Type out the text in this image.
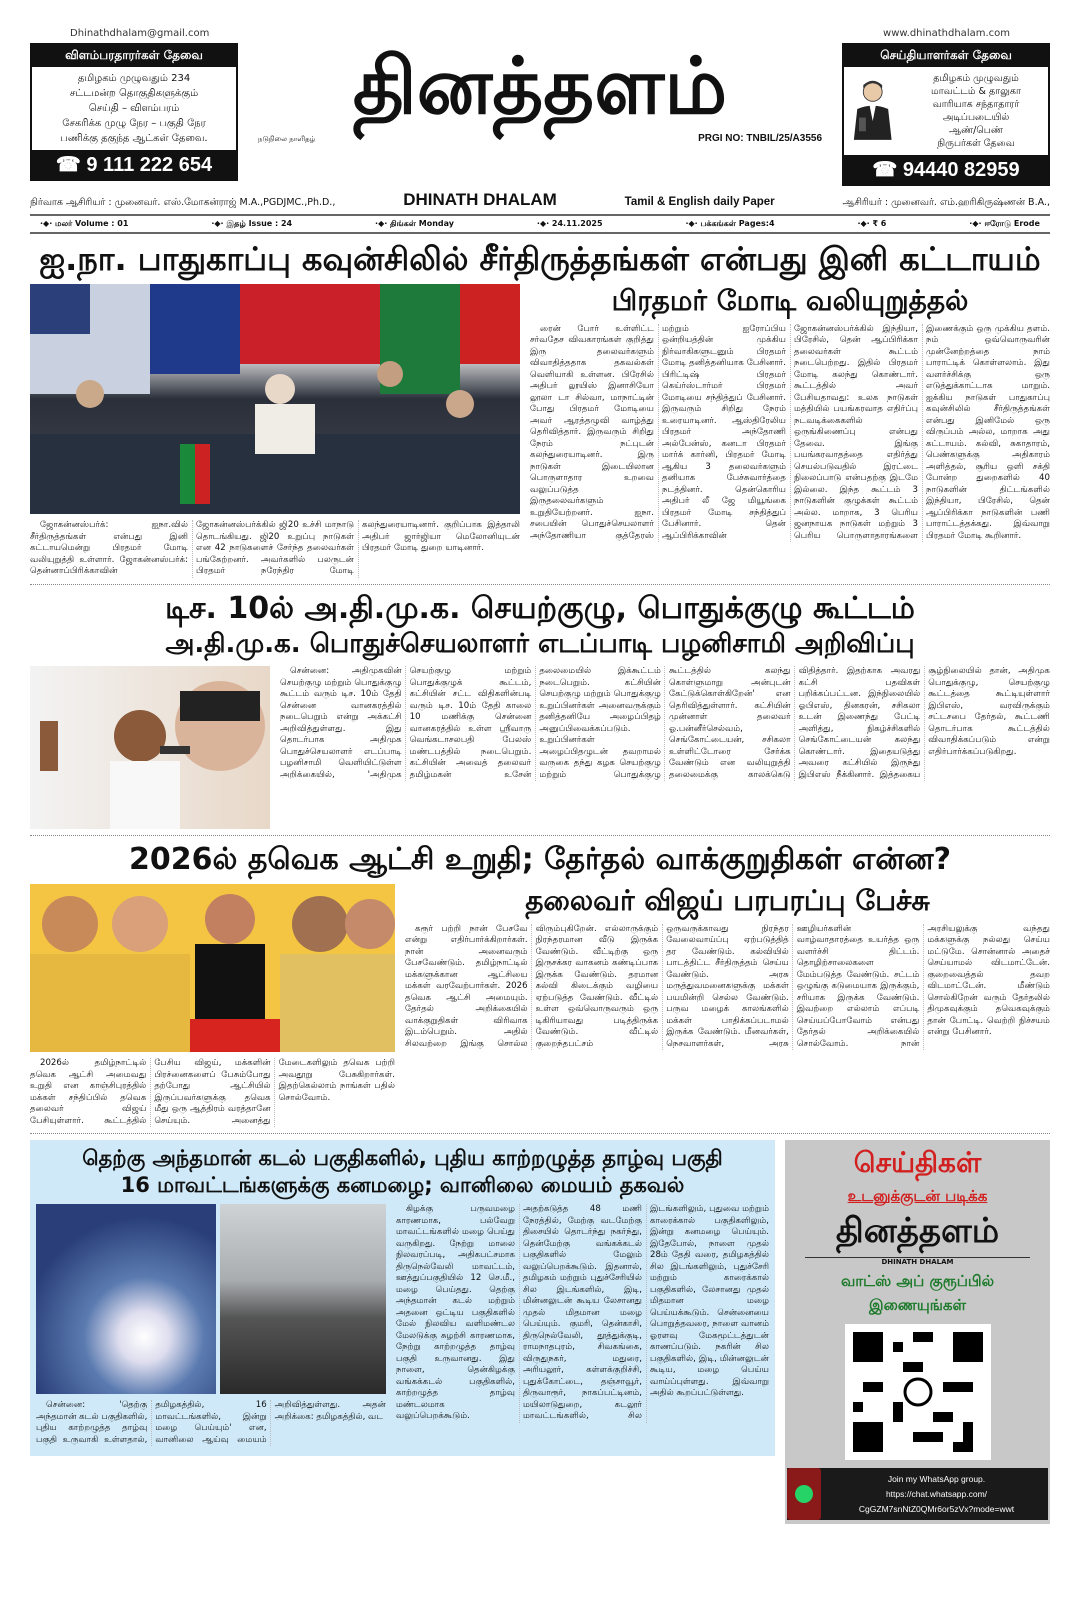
Dhinathdhalam@gmail.com	www.dhinathdhalam.com
விளம்பரதாரர்கள் தேவை
தமிழகம் முழுவதும் 234
சட்டமன்ற தொகுதிகளுக்கும்
செய்தி – விளம்பரம்
சேகரிக்க முழு நேர – பகுதி நேர
பணிக்கு தகுந்த ஆட்கள் தேவை.
☎ 9 111 222 654
தினத்தளம்
நடுநிலை நாளிதழ்	PRGI NO: TNBIL/25/A3556
செய்தியாளர்கள் தேவை
தமிழகம் முழுவதும்
மாவட்டம் & தாலுகா
வாரியாக சந்தாதாரர்
அடிப்படையில்
ஆண்/பெண்
நிருபர்கள் தேவை
☎ 94440 82959
நிர்வாக ஆசிரியர் : முனைவர். எஸ்.மோகன்ராஜ் M.A.,PGDJMC.,Ph.D.,	DHINATH DHALAM	Tamil & English daily Paper	ஆசிரியர் : முனைவர். எம்.ஹரிகிருஷ்ணன் B.A.,
·◆· மலர் Volume : 01	·◆· இதழ் Issue : 24	·◆· திங்கள் Monday	·◆· 24.11.2025	·◆· பக்கங்கள் Pages:4	·◆· ₹ 6	·◆· ஈரோடு Erode
ஐ.நா. பாதுகாப்பு கவுன்சிலில் சீர்திருத்தங்கள் என்பது இனி கட்டாயம்

ஜோகன்னஸ்பர்க்: ஐநா.வில் சீர்திருத்தங்கள் என்பது இனி கட்டாயமென்று பிரதமர் மோடி வலியுறுத்தி உள்ளார். ஜோகன்னஸ்பர்க்: தென்னாப்பிரிக்காவின் ஜோகன்னஸ்பர்க்கில் ஜி20 உச்சி மாநாடு தொடங்கியது. ஜி20 உறுப்பு நாடுகள் என 42 நாடுகளைச் சேர்ந்த தலைவர்கள் பங்கேற்றனர். அவர்களில் பலருடன் பிரதமர் நரேந்திர மோடி கலந்துரையாடினார். குறிப்பாக இத்தாலி அதிபர் ஜார்ஜியா மெலோனியுடன் பிரதமர் மோடி துறை யாடினார்.

பிரதமர் மோடி வலியுறுத்தல்

ரைன் போர் உள்ளிட்ட சர்வதேச விவகாரங்கள் குறித்து இரு தலைவர்களும் விவாதித்ததாக தகவல்கள் வெளியாகி உள்ளன. பிரேசில் அதிபர் லூயிஸ் இனாசியோ லூலா டா சில்வா, மாநாட்டின் போது பிரதமர் மோடியை அவர் ஆரத்தழுவி வாழ்த்து தெரிவித்தார். இருவரும் சிறிது நேரம் நட்புடன் கலந்துரையாடினர். இரு நாடுகள் இடையிலான பொருளாதார உறவை வலுப்படுத்த இருதலைவர்களும் உறுதியேற்றனர். ஐநா. சபையின் பொதுச்செயலாளர் அந்தோணியா குத்தேரஸ் மற்றும் ஐரோப்பிய ஒன்றியத்தின் முக்கிய நிர்வாகிகளுடனும் பிரதமர் மோடி தனித்தனியாக பேசினார். பிரிட்டிஷ் பிரதமர் கெய்ர்ஸ்டார்மர் பிரதமர் மோடியை சந்தித்துப் பேசினார். இருவரும் சிறிது நேரம் உரையாடினர். ஆஸ்திரேலிய பிரதமர் அந்தோணி அல்பேன்ஸ், கனடா பிரதமர் மார்க் கார்னி, பிரதமர் மோடி ஆகிய 3 தலைவர்களும் தனியாக பேச்சுவார்த்தை நடத்தினர். தென்கொரிய அதிபர் லீ ஜே மியூங்கை பிரதமர் மோடி சந்தித்துப் பேசினார். தென் ஆப்பிரிக்காவின் ஜோகன்னஸ்பர்க்கில் இந்தியா, பிரேசில், தென் ஆப்பிரிக்கா தலைவர்கள் கூட்டம் நடைபெற்றது. இதில் பிரதமர் மோடி கலந்து கொண்டார். கூட்டத்தில் அவர் பேசியதாவது: உலக நாடுகள் மத்தியில் பயங்கரவாத எதிர்ப்பு நடவடிக்கைகளில் ஒருங்கிணைப்பு என்பது தேவை. இங்கு பயங்கரவாதத்தை எதிர்த்து செயல்படுவதில் இரட்டை நிலைப்பாடு என்பதற்கு இடமே இல்லை. இந்த கூட்டம் 3 நாடுகளின் குழுக்கள் கூட்டம் அல்ல. மாறாக, 3 பெரிய ஜனநாயக நாடுகள் மற்றும் 3 பெரிய பொருளாதாரங்களை இணைக்கும் ஒரு முக்கிய தளம். நம் ஒவ்வொருவரின் முன்னேற்றத்தை நாம் பாராட்டிக் கொள்ளலாம். இது வளர்ச்சிக்கு ஒரு எடுத்துக்காட்டாக மாறும். ஐக்கிய நாடுகள் பாதுகாப்பு கவுன்சிலில் சீர்திருத்தங்கள் என்பது இனிமேல் ஒரு விருப்பம் அல்ல, மாறாக அது கட்டாயம். கல்வி, சுகாதாரம், பெண்களுக்கு அதிகாரம் அளித்தல், சூரிய ஒளி சக்தி போன்ற துறைகளில் 40 நாடுகளின் திட்டங்களில் இந்தியா, பிரேசில், தென் ஆப்பிரிக்கா நாடுகளின் பணி பாராட்டத்தக்கது. இவ்வாறு பிரதமர் மோடி கூறினார்.

டிச. 10ல் அ.தி.மு.க. செயற்குழு, பொதுக்குழு கூட்டம்
அ.தி.மு.க. பொதுச்செயலாளர் எடப்பாடி பழனிசாமி அறிவிப்பு

சென்னை: அதிமுகவின் செயற்குழு மற்றும் பொதுக்குழு கூட்டம் வரும் டிச. 10ம் தேதி சென்னை வானகரத்தில் நடைபெறும் என்று அக்கட்சி அறிவித்துள்ளது. இது தொடர்பாக அதிமுக பொதுச்செயலாளர் எடப்பாடி பழனிசாமி வெளியிட்டுள்ள அறிக்கையில், 'அதிமுக செயற்குழு மற்றும் பொதுக்குழுக் கூட்டம், கட்சியின் சட்ட விதிகளின்படி வரும் டிச. 10ம் தேதி காலை 10 மணிக்கு சென்னை வானகரத்தில் உள்ள ஸ்ரீவாரு வெங்கடாசலபதி பேலஸ் மண்டபத்தில் நடைபெறும். கட்சியின் அவைத் தலைவர் தமிழ்மகன் உசேன் தலைமையில் இக்கூட்டம் நடைபெறும். கட்சியின் செயற்குழு மற்றும் பொதுக்குழு உறுப்பினர்கள் அனைவருக்கும் தனித்தனியே அழைப்பிதழ் அனுப்பிவைக்கப்படும். உறுப்பினர்கள் அழைப்பிதழுடன் தவறாமல் வருகை தந்து கழக செயற்குழு மற்றும் பொதுக்குழு கூட்டத்தில் கலந்து கொள்ளுமாறு அன்புடன் கேட்டுக்கொள்கிறேன்' என தெரிவித்துள்ளார். கட்சியின் முன்னாள் தலைவர் ஓ.பன்னீர்செல்வம், செங்கோட்டையன், சசிகலா உள்ளிட்டோரை சேர்க்க வேண்டும் என வலியுறுத்தி தலைமைக்கு காலக்கெடு விதித்தார். இதற்காக அவரது கட்சி பதவிகள் பறிக்கப்பட்டன. இந்நிலையில் ஓபிஎஸ், தினகரன், சசிகலா உடன் இணைந்து பேட்டி அளித்து, நிகழ்ச்சிகளில் செங்கோட்டையன் கலந்து கொண்டார். இதையடுத்து அவரை கட்சியில் இருந்து இபிஎஸ் நீக்கினார். இத்தகைய சூழ்நிலையில் தான், அதிமுக பொதுக்குழு, செயற்குழு கூட்டத்தை கூட்டியுள்ளார் இபிஎஸ், வரவிருக்கும் சட்டசபை தேர்தல், கூட்டணி தொடர்பாக கூட்டத்தில் விவாதிக்கப்படும் என்று எதிர்பார்க்கப்படுகிறது.

2026ல் தவெக ஆட்சி உறுதி; தேர்தல் வாக்குறுதிகள் என்ன?

2026ல் தமிழ்நாட்டில் தவெக ஆட்சி அமைவது உறுதி என காஞ்சிபுரத்தில் மக்கள் சந்திப்பில் தவெக தலைவர் விஜய் பேசியுள்ளார். கூட்டத்தில் பேசிய விஜய், மக்களின் பிரச்னைகளைப் பேசும்போது தற்போது ஆட்சியில் இருப்பவர்களுக்கு தவெக மீது ஒரு ஆத்திரம் வரத்தானே செய்யும். அனைத்து மேடைகளிலும் தவெக பற்றி அவதூறு பேசுகிறார்கள். இதற்கெல்லாம் நாங்கள் பதில் சொல்வோம்.

தலைவர் விஜய் பரபரப்பு பேச்சு

கரூர் பற்றி நான் பேசவே என்று எதிர்பார்க்கிறார்கள். நான் அனைவரும் பேசவேண்டும். தமிழ்நாட்டில் மக்களுக்கான ஆட்சியை மக்கள் வரவேற்பார்கள். 2026 தவெக ஆட்சி அமையும். தேர்தல் அறிக்கையில் வாக்குறுதிகள் விரிவாக இடம்பெறும். அதில் சிலவற்றை இங்கு சொல்ல விரும்புகிறேன். எல்லாருக்கும் நிரந்தரமான வீடு இருக்க வேண்டும். வீட்டிற்கு ஒரு இருசக்கர வாகனம் கண்டிப்பாக இருக்க வேண்டும். தரமான கல்வி கிடைக்கும் வழியை ஏற்படுத்த வேண்டும். வீட்டில் உள்ள ஒவ்வொருவரும் ஒரு டிகிரியாவது படித்திருக்க வேண்டும். வீட்டில் குறைந்தபட்சம் ஒருவருக்காவது நிரந்தர வேலைவாய்ப்பு ஏற்படுத்தித் தர வேண்டும். கல்வியில் பாடத்திட்ட சீர்திருத்தம் செய்ய வேண்டும். அரசு மருத்துவமனைகளுக்கு மக்கள் பயமின்றி செல்ல வேண்டும். பருவ மழைக் காலங்களில் மக்கள் பாதிக்கப்படாமல் இருக்க வேண்டும். மீனவர்கள், நெசவாளர்கள், அரசு ஊழியர்களின் வாழ்வாதாரத்தை உயர்த்த ஒரு வளர்ச்சி திட்டம். தொழிற்சாலைகளை மேம்படுத்த வேண்டும். சட்டம் ஒழுங்கு கடுமையாக இருக்கும், சரியாக இருக்க வேண்டும். இவற்றை எல்லாம் எப்படி செய்யப்போவோம் என்பது தேர்தல் அறிக்கையில் சொல்வோம். நான் அரசியலுக்கு வந்தது மக்களுக்கு நல்லது செய்ய மட்டுமே. சொன்னால் அதைச் செய்யாமல் விடமாட்டேன். குறைவைத்தல் தவற விடமாட்டேன். மீண்டும் சொல்கிறேன் வரும் தேர்தலில் திமுகவுக்கும் தவெகவுக்கும் தான் போட்டி. வெற்றி நிச்சயம் என்று பேசினார்.

தெற்கு அந்தமான் கடல் பகுதிகளில், புதிய காற்றழுத்த தாழ்வு பகுதி
16 மாவட்டங்களுக்கு கனமழை; வானிலை மையம் தகவல்

சென்னை: 'தெற்கு அந்தமான் கடல் பகுதிகளில், புதிய காற்றழுத்த தாழ்வு பகுதி உருவாகி உள்ளதால், தமிழகத்தில், 16 மாவட்டங்களில், இன்று மழை பெய்யும்' என, வானிலை ஆய்வு மையம் அறிவித்துள்ளது. அதன் அறிக்கை: தமிழகத்தில், வட

கிழக்கு பருவமழை காரணமாக, பல்வேறு மாவட்டங்களில் மழை பெய்து வருகிறது. நேற்று மாலை நிலவரப்படி, அதிகபட்சமாக திருநெல்வேலி மாவட்டம், ஊத்துப்பகுதியில் 12 செ.மீ., மழை பெய்தது. தெற்கு அந்தமான் கடல் மற்றும் அதனை ஒட்டிய பகுதிகளில் மேல் நிலவிய வளிமண்டல மேலடுக்கு சுழற்சி காரணமாக, நேற்று காற்றழுத்த தாழ்வு பகுதி உருவானது. இது நாளை, தென்கிழக்கு வங்கக்கடல் பகுதிகளில், காற்றழுத்த தாழ்வு மண்டலமாக வலுப்பெறக்கூடும். அதற்கடுத்த 48 மணி நேரத்தில், மேற்கு வடமேற்கு திசையில் தொடர்ந்து நகர்ந்து, தென்மேற்கு வங்கக்கடல் பகுதிகளில் மேலும் வலுப்பெறக்கூடும். இதனால், தமிழகம் மற்றும் புதுச்சேரியில் சில இடங்களில், இடி, மின்னலுடன் கூடிய லேசானது முதல் மிதமான மழை பெய்யும். குமரி, தென்காசி, திருநெல்வேலி, தூத்துக்குடி, ராமநாதபுரம், சிவகங்கை, விருதுநகர், மதுரை, அரியலூர், கள்ளக்குறிச்சி, புதுக்கோட்டை, தஞ்சாவூர், திருவாரூர், நாகப்பட்டினம், மயிலாடுதுறை, கடலூர் மாவட்டங்களில், சில இடங்களிலும், புதுவை மற்றும் காரைக்கால் பகுதிகளிலும், இன்று கனமழை பெய்யும். இதேபோல், நாளை முதல் 28ம் தேதி வரை, தமிழகத்தில் சில இடங்களிலும், புதுச்சேரி மற்றும் காரைக்கால் பகுதிகளில், லேசானது முதல் மிதமான மழை பெய்யக்கூடும். சென்னையை பொறுத்தவரை, நாளை வானம் ஓரளவு மேகமூட்டத்துடன் காணப்படும். நகரின் சில பகுதிகளில், இடி, மின்னலுடன் கூடிய, மழை பெய்ய வாய்ப்புள்ளது. இவ்வாறு அதில் கூறப்பட்டுள்ளது.

செய்திகள்
உடனுக்குடன் படிக்க
தினத்தளம்
DHINATH DHALAM
வாட்ஸ் அப் குரூப்பில்
இணையுங்கள்
Join my WhatsApp group.
https://chat.whatsapp.com/
CgGZM7snNtZ0QMr6or5zVx?mode=wwt
